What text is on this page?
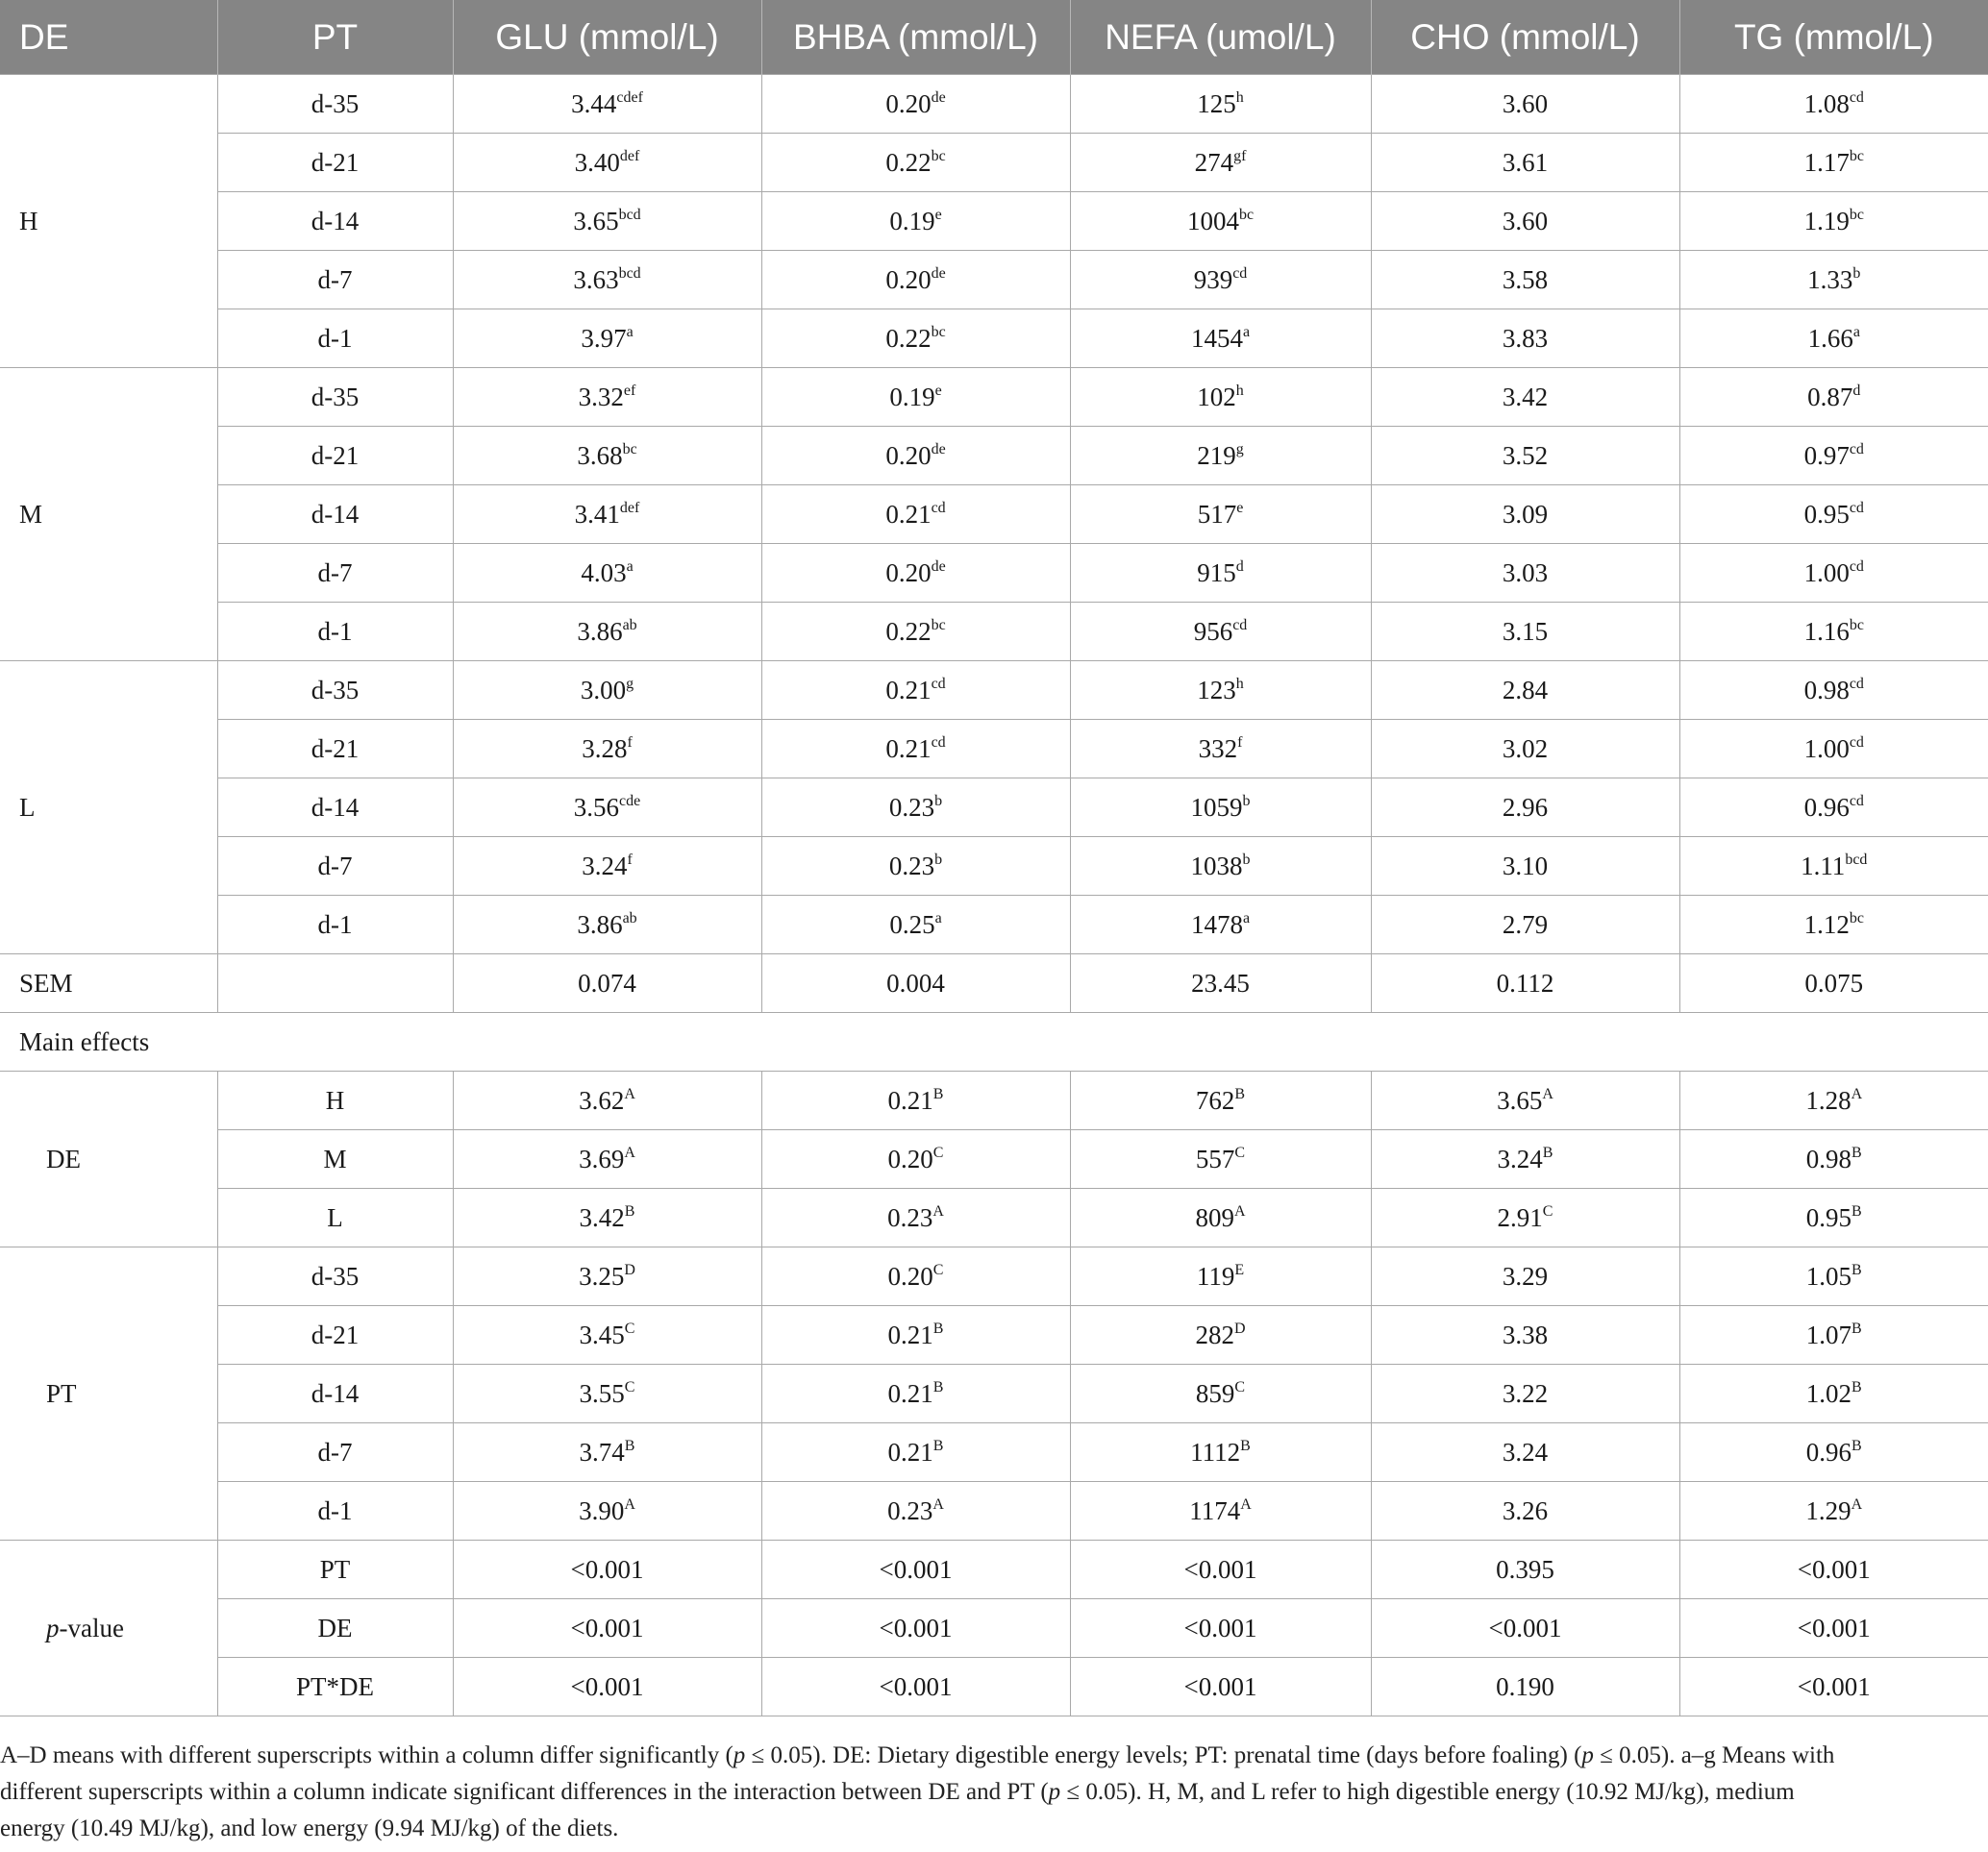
DE	PT	GLU (mmol/L)	BHBA (mmol/L)	NEFA (umol/L)	CHO (mmol/L)	TG (mmol/L)
H	d-35	$3.44^{cdef}$	0.20de	125$^h$	3.60	1.08$^{cd}$
	d-21	3.40$^{def}$	0.22$^{bc}$	$274^{gf}$	3.61	1.17$^{bc}$
	d-14	3.65$^{bcd}$	0.19e	$1004^{bc}$	3.60	1.19$^{bc}$
	d-7	3.63$^{bcd}$	0.20de	$939^{cd}$	3.58	1.33$^b$
	d-1	3.97$^a$	0.22$^{bc}$	1454$^a$	3.83	1.66$^a$
M	d-35	3.32$^{ef}$	0.19e	102$^h$	3.42	0.87$^d$
	d-21	3.68$^{bc}$	0.20de	219$^g$	3.52	0.97$^{cd}$
	d-14	3.41$^{def}$	0.21$^{cd}$	517e	3.09	0.95$^{cd}$
	d-7	4.03$^a$	0.20de	915$^d$	3.03	1.00$^{cd}$
	d-1	3.86$^{ab}$	0.22$^{bc}$	$956^{cd}$	3.15	1.16$^{bc}$
L	d-35	3.00$^g$	0.21$^{cd}$	123$^h$	2.84	0.98$^{cd}$
	d-21	3.28$^f$	0.21$^{cd}$	332$^f$	3.02	1.00$^{cd}$
	d-14	3.56$^{cde}$	0.23$^b$	1059$^b$	2.96	0.96$^{cd}$
	d-7	3.24$^f$	0.23$^b$	1038$^b$	3.10	1.11$^{bcd}$
	d-1	3.86$^{ab}$	0.25$^a$	1478$^a$	2.79	1.12$^{bc}$
SEM		0.074	0.004	23.45	0.112	0.075
Main effects						
DE	H	$3.62^A$	$0.21^B$	$762^B$	$3.65^A$	$1.28^A$
	M	$3.69^A$	$0.20^C$	$557^C$	$3.24^B$	$0.98^B$
	L	$3.42^B$	$0.23^A$	$809^A$	$2.91^C$	$0.95^B$
PT	d-35	$3.25^D$	$0.20^C$	$119^E$	3.29	$1.05^B$
	d-21	$3.45^C$	$0.21^B$	$282^D$	3.38	$1.07^B$
	d-14	$3.55^C$	$0.21^B$	$859^C$	3.22	$1.02^B$
	d-7	$3.74^B$	$0.21^B$	$1112^B$	3.24	$0.96^B$
	d-1	$3.90^A$	$0.23^A$	$1174^A$	3.26	$1.29^A$
p-value	PT	<0.001	<0.001	<0.001	0.395	<0.001
	DE	<0.001	<0.001	<0.001	<0.001	<0.001
	PT*DE	<0.001	<0.001	<0.001	0.190	<0.001
A–D means with different superscripts within a column differ significantly (p ≤ 0.05). DE: Dietary digestible energy levels; PT: prenatal time (days before foaling) (p ≤ 0.05). a–g Means with
different superscripts within a column indicate significant differences in the interaction between DE and PT (p ≤ 0.05). H, M, and L refer to high digestible energy (10.92 MJ/kg), medium
energy (10.49 MJ/kg), and low energy (9.94 MJ/kg) of the diets.
